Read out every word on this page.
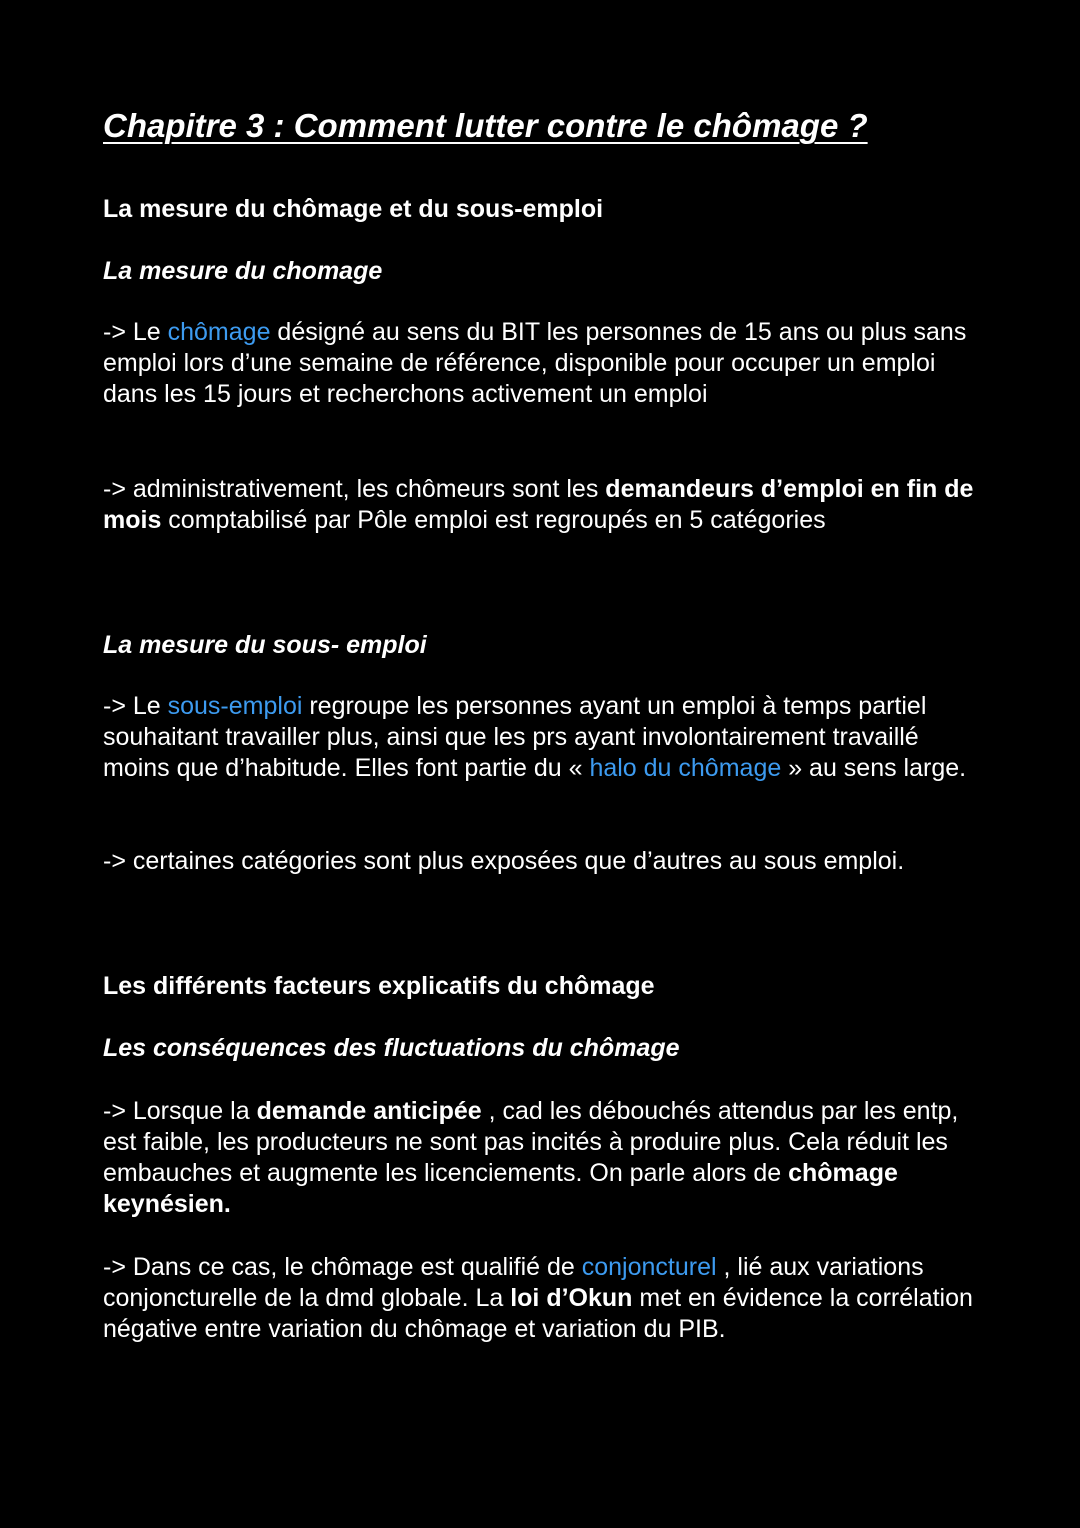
Chapitre 3 : Comment lutter contre le chômage ?
La mesure du chômage et du sous-emploi
La mesure du chomage

-> Le chômage désigné au sens du BIT les personnes de 15 ans ou plus sans emploi lors d’une semaine de référence, disponible pour occuper un emploi dans les 15 jours et recherchons activement un emploi

-> administrativement, les chômeurs sont les demandeurs d’emploi en fin de mois comptabilisé par Pôle emploi est regroupés en 5 catégories

La mesure du sous- emploi

-> Le sous-emploi regroupe les personnes ayant un emploi à temps partiel souhaitant travailler plus, ainsi que les prs ayant involontairement travaillé moins que d’habitude. Elles font partie du « halo du chômage » au sens large.

-> certaines catégories sont plus exposées que d’autres au sous emploi.

Les différents facteurs explicatifs du chômage
Les conséquences des fluctuations du chômage

-> Lorsque la demande anticipée , cad les débouchés attendus par les entp, est faible, les producteurs ne sont pas incités à produire plus. Cela réduit les embauches et augmente les licenciements. On parle alors de chômage keynésien.

-> Dans ce cas, le chômage est qualifié de conjoncturel , lié aux variations conjoncturelle de la dmd globale. La loi d’Okun met en évidence la corrélation négative entre variation du chômage et variation du PIB.
